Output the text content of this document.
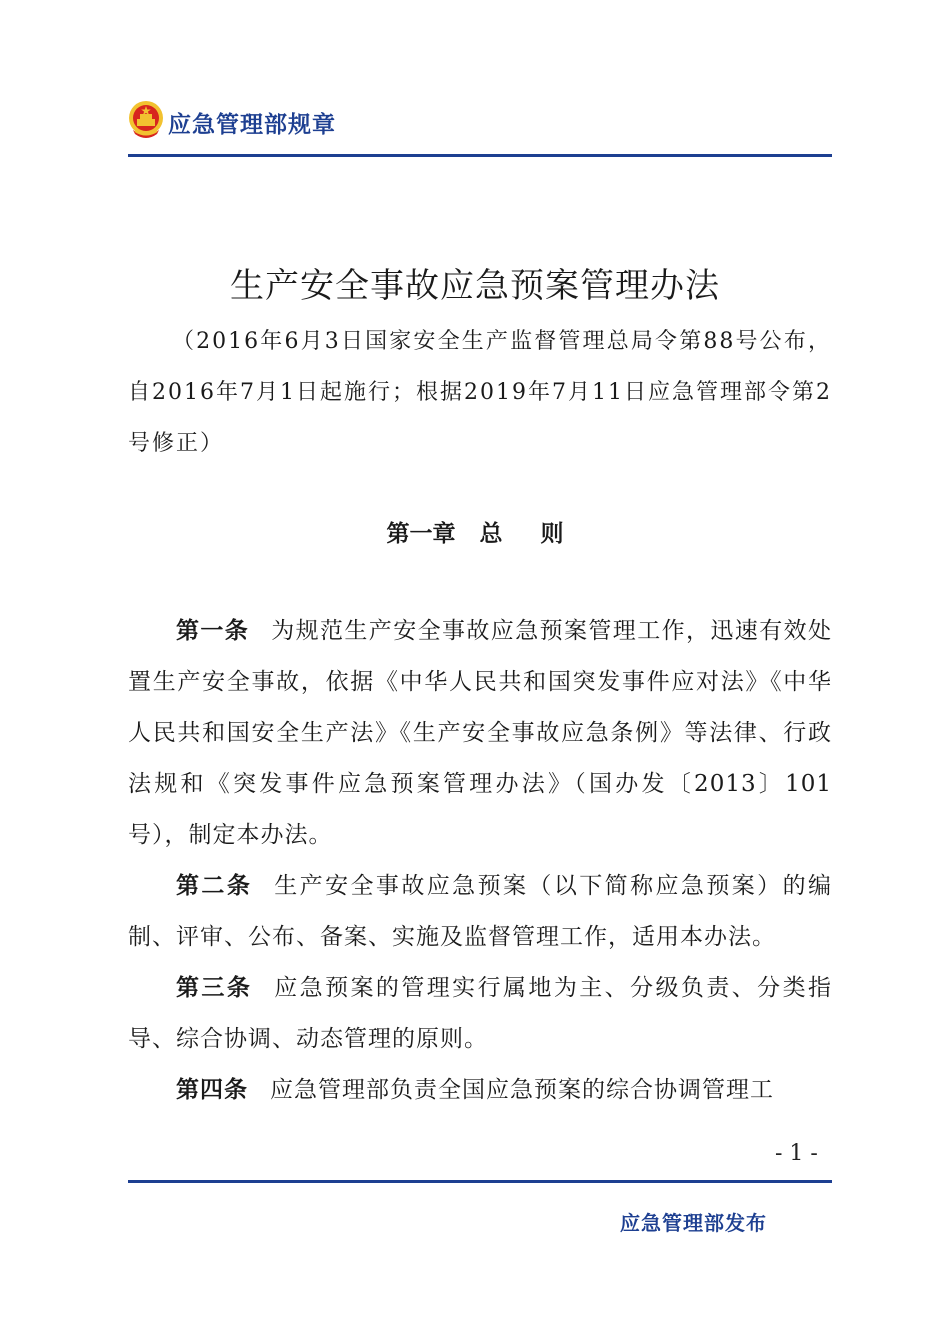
应急管理部规章
生产安全事故应急预案管理办法
（2016年6月3日国家安全生产监督管理总局令第88号公布，自2016年7月1日起施行；根据2019年7月11日应急管理部令第2号修正）
第一章 总 则

第一条 为规范生产安全事故应急预案管理工作，迅速有效处置生产安全事故，依据《中华人民共和国突发事件应对法》《中华人民共和国安全生产法》《生产安全事故应急条例》等法律、行政法规和《突发事件应急预案管理办法》（国办发〔2013〕101号），制定本办法。

第二条 生产安全事故应急预案（以下简称应急预案）的编制、评审、公布、备案、实施及监督管理工作，适用本办法。

第三条 应急预案的管理实行属地为主、分级负责、分类指导、综合协调、动态管理的原则。

第四条 应急管理部负责全国应急预案的综合协调管理工

- 1 -
应急管理部发布
